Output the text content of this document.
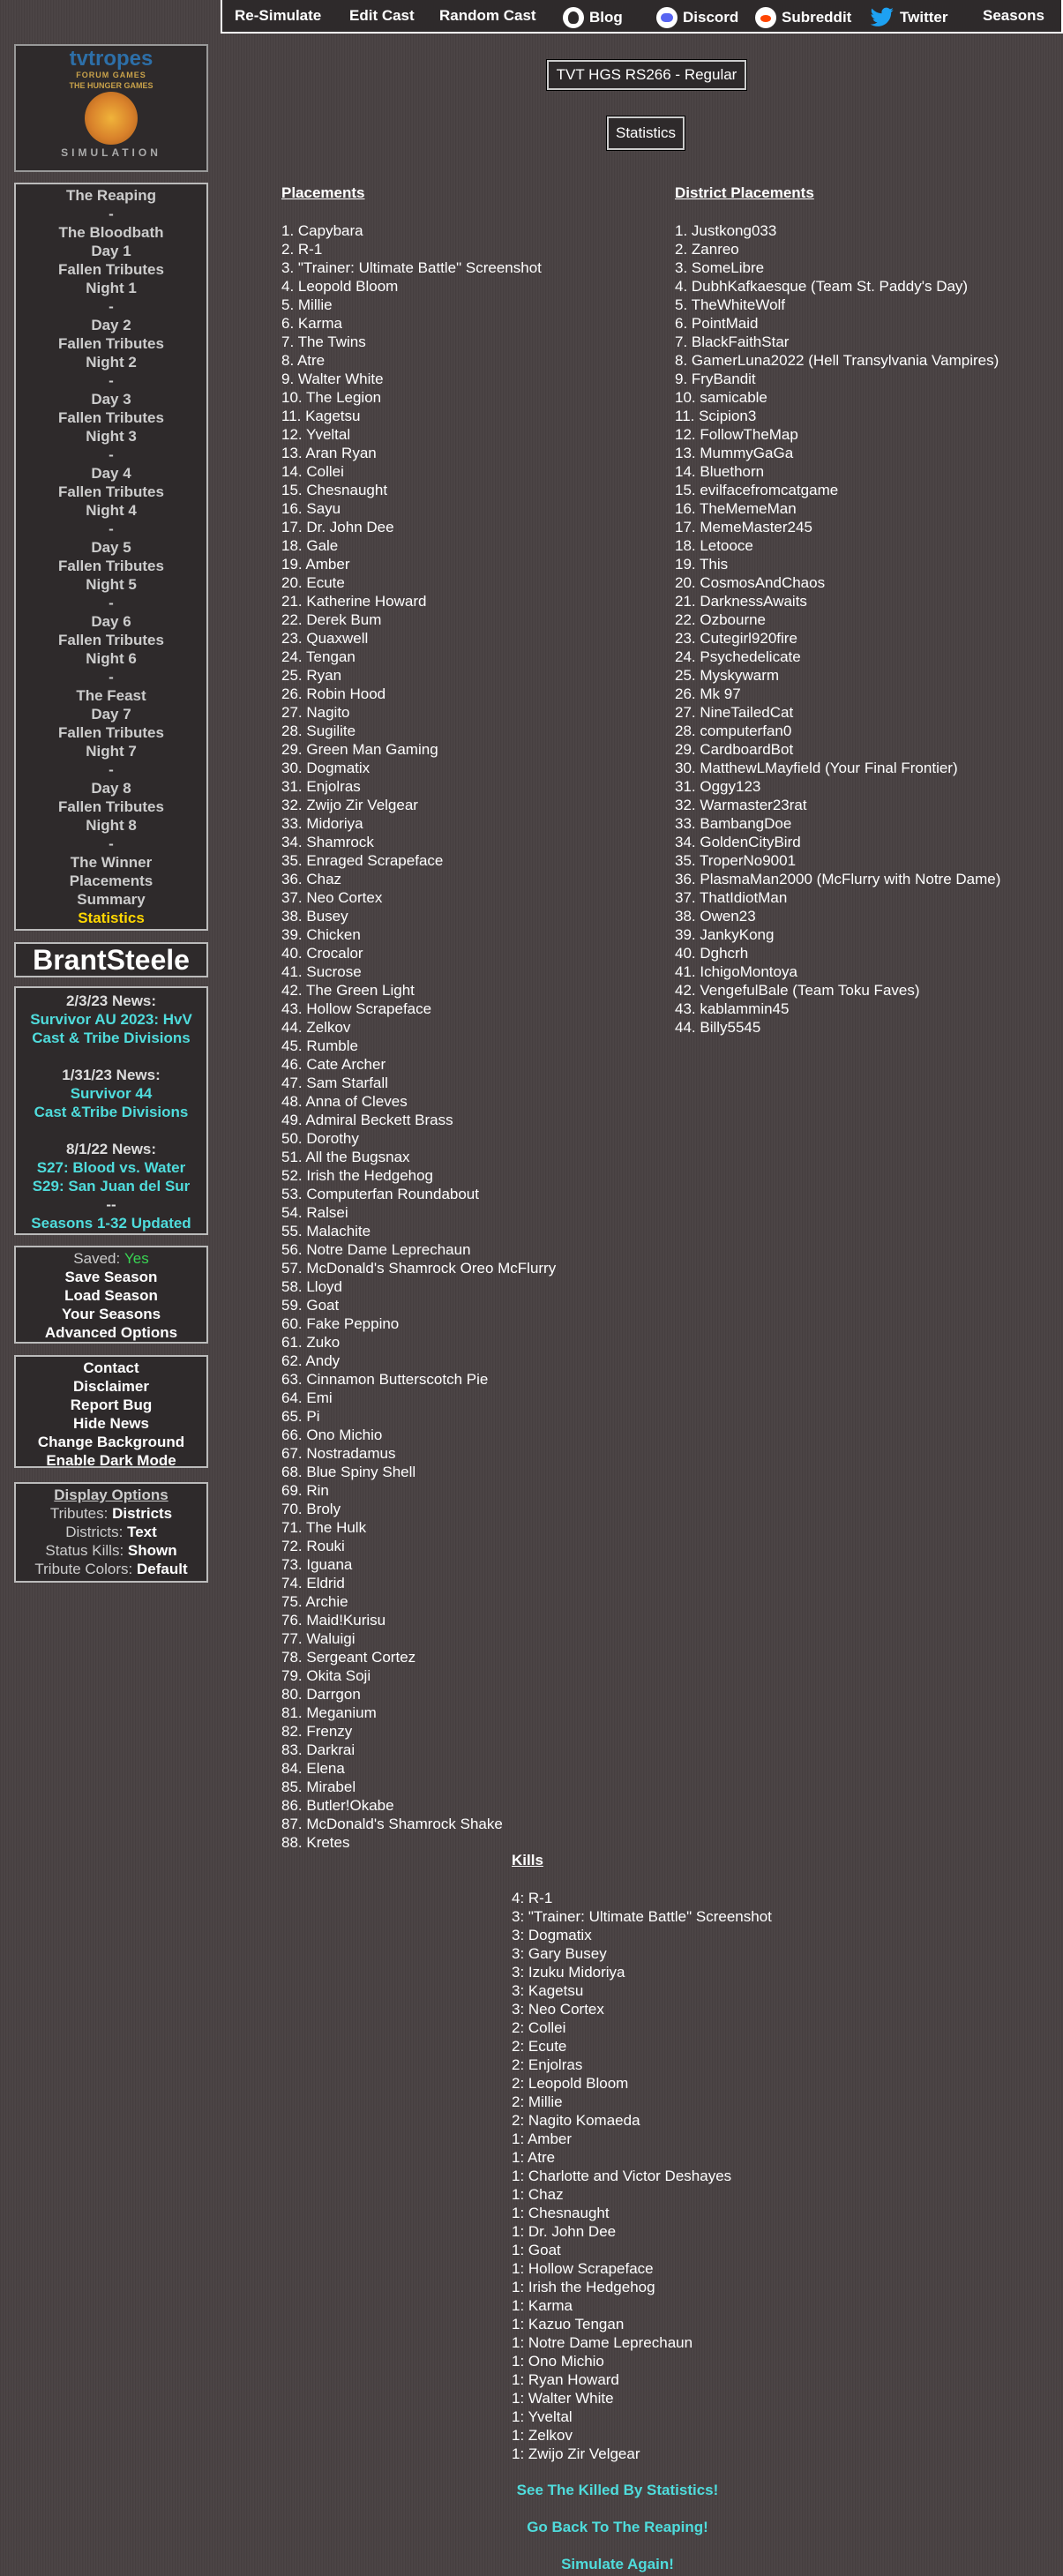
Re-Simulate Edit Cast Random Cast	Blog	Discord	Subreddit	Twitter Seasons
tvtropes
FORUM GAMES
THE HUNGER GAMES
SIMULATION
The Reaping
-
The Bloodbath
Day 1
Fallen Tributes
Night 1
-
Day 2
Fallen Tributes
Night 2
-
Day 3
Fallen Tributes
Night 3
-
Day 4
Fallen Tributes
Night 4
-
Day 5
Fallen Tributes
Night 5
-
Day 6
Fallen Tributes
Night 6
-
The Feast
Day 7
Fallen Tributes
Night 7
-
Day 8
Fallen Tributes
Night 8
-
The Winner
Placements
Summary
Statistics
BrantSteele
2/3/23 News:
Survivor AU 2023: HvV
Cast & Tribe Divisions
1/31/23 News:
Survivor 44
Cast &Tribe Divisions
8/1/22 News:
S27: Blood vs. Water
S29: San Juan del Sur
--
Seasons 1-32 Updated
Saved: Yes
Save Season
Load Season
Your Seasons
Advanced Options
Contact
Disclaimer
Report Bug
Hide News
Change Background
Enable Dark Mode
Display Options
Tributes: Districts
Districts: Text
Status Kills: Shown
Tribute Colors: Default
TVT HGS RS266 - Regular
Statistics
Placements	District Placements
1. Capybara
2. R-1
3. "Trainer: Ultimate Battle" Screenshot
4. Leopold Bloom
5. Millie
6. Karma
7. The Twins
8. Atre
9. Walter White
10. The Legion
11. Kagetsu
12. Yveltal
13. Aran Ryan
14. Collei
15. Chesnaught
16. Sayu
17. Dr. John Dee
18. Gale
19. Amber
20. Ecute
21. Katherine Howard
22. Derek Bum
23. Quaxwell
24. Tengan
25. Ryan
26. Robin Hood
27. Nagito
28. Sugilite
29. Green Man Gaming
30. Dogmatix
31. Enjolras
32. Zwijo Zir Velgear
33. Midoriya
34. Shamrock
35. Enraged Scrapeface
36. Chaz
37. Neo Cortex
38. Busey
39. Chicken
40. Crocalor
41. Sucrose
42. The Green Light
43. Hollow Scrapeface
44. Zelkov
45. Rumble
46. Cate Archer
47. Sam Starfall
48. Anna of Cleves
49. Admiral Beckett Brass
50. Dorothy
51. All the Bugsnax
52. Irish the Hedgehog
53. Computerfan Roundabout
54. Ralsei
55. Malachite
56. Notre Dame Leprechaun
57. McDonald's Shamrock Oreo McFlurry
58. Lloyd
59. Goat
60. Fake Peppino
61. Zuko
62. Andy
63. Cinnamon Butterscotch Pie
64. Emi
65. Pi
66. Ono Michio
67. Nostradamus
68. Blue Spiny Shell
69. Rin
70. Broly
71. The Hulk
72. Rouki
73. Iguana
74. Eldrid
75. Archie
76. Maid!Kurisu
77. Waluigi
78. Sergeant Cortez
79. Okita Soji
80. Darrgon
81. Meganium
82. Frenzy
83. Darkrai
84. Elena
85. Mirabel
86. Butler!Okabe
87. McDonald's Shamrock Shake
88. Kretes
1. Justkong033
2. Zanreo
3. SomeLibre
4. DubhKafkaesque (Team St. Paddy's Day)
5. TheWhiteWolf
6. PointMaid
7. BlackFaithStar
8. GamerLuna2022 (Hell Transylvania Vampires)
9. FryBandit
10. samicable
11. Scipion3
12. FollowTheMap
13. MummyGaGa
14. Bluethorn
15. evilfacefromcatgame
16. TheMemeMan
17. MemeMaster245
18. Letooce
19. This
20. CosmosAndChaos
21. DarknessAwaits
22. Ozbourne
23. Cutegirl920fire
24. Psychedelicate
25. Myskywarm
26. Mk 97
27. NineTailedCat
28. computerfan0
29. CardboardBot
30. MatthewLMayfield (Your Final Frontier)
31. Oggy123
32. Warmaster23rat
33. BambangDoe
34. GoldenCityBird
35. TroperNo9001
36. PlasmaMan2000 (McFlurry with Notre Dame)
37. ThatIdiotMan
38. Owen23
39. JankyKong
40. Dghcrh
41. IchigoMontoya
42. VengefulBale (Team Toku Faves)
43. kablammin45
44. Billy5545
Kills
4: R-1
3: "Trainer: Ultimate Battle" Screenshot
3: Dogmatix
3: Gary Busey
3: Izuku Midoriya
3: Kagetsu
3: Neo Cortex
2: Collei
2: Ecute
2: Enjolras
2: Leopold Bloom
2: Millie
2: Nagito Komaeda
1: Amber
1: Atre
1: Charlotte and Victor Deshayes
1: Chaz
1: Chesnaught
1: Dr. John Dee
1: Goat
1: Hollow Scrapeface
1: Irish the Hedgehog
1: Karma
1: Kazuo Tengan
1: Notre Dame Leprechaun
1: Ono Michio
1: Ryan Howard
1: Walter White
1: Yveltal
1: Zelkov
1: Zwijo Zir Velgear
See The Killed By Statistics!
Go Back To The Reaping!
Simulate Again!
